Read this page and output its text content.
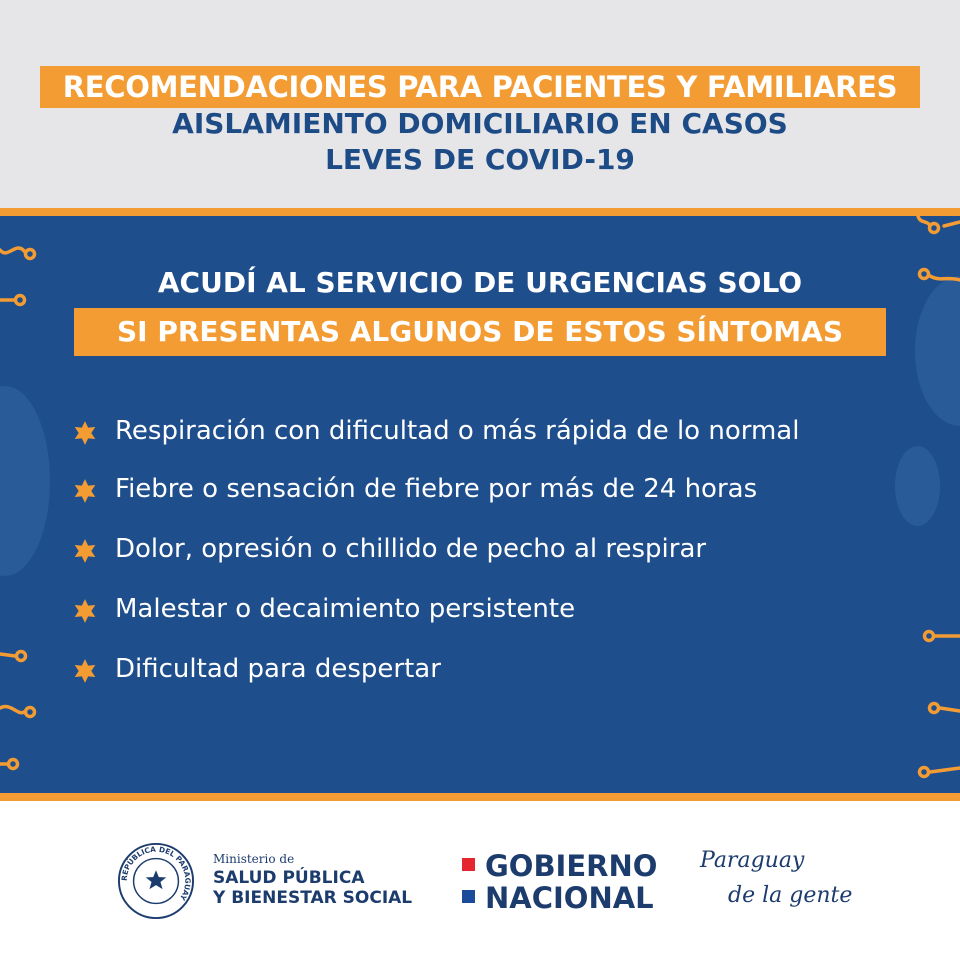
RECOMENDACIONES PARA PACIENTES Y FAMILIARES
AISLAMIENTO DOMICILIARIO EN CASOS
LEVES DE COVID-19
ACUDÍ AL SERVICIO DE URGENCIAS SOLO
SI PRESENTAS ALGUNOS DE ESTOS SÍNTOMAS
Respiración con dificultad o más rápida de lo normal
Fiebre o sensación de fiebre por más de 24 horas
Dolor, opresión o chillido de pecho al respirar
Malestar o decaimiento persistente
Dificultad para despertar
REPÚBLICA DEL PARAGUAY
Ministerio de
SALUD PÚBLICA
Y BIENESTAR SOCIAL
GOBIERNO
NACIONAL
Paraguay
de la gente
